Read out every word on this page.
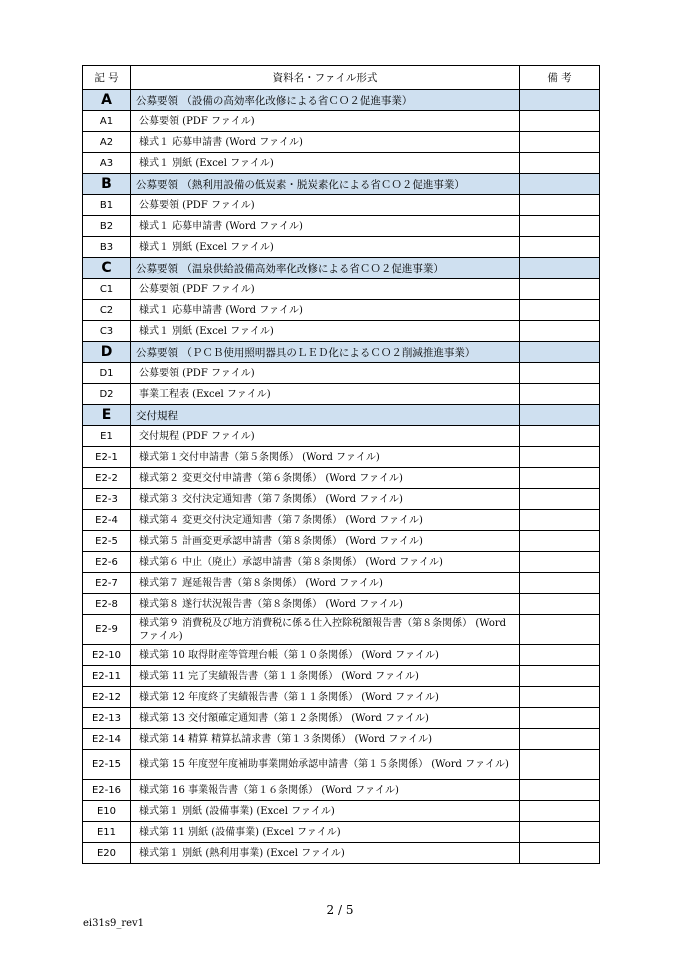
記 号	資料名・ファイル形式	備 考
A	公募要領 （設備の高効率化改修による省ＣＯ２促進事業）	
A1	公募要領 (PDF ファイル)	
A2	様式１ 応募申請書 (Word ファイル)	
A3	様式１ 別紙 (Excel ファイル)	
B	公募要領 （熱利用設備の低炭素・脱炭素化による省ＣＯ２促進事業）	
B1	公募要領 (PDF ファイル)	
B2	様式１ 応募申請書 (Word ファイル)	
B3	様式１ 別紙 (Excel ファイル)	
C	公募要領 （温泉供給設備高効率化改修による省ＣＯ２促進事業）	
C1	公募要領 (PDF ファイル)	
C2	様式１ 応募申請書 (Word ファイル)	
C3	様式１ 別紙 (Excel ファイル)	
D	公募要領 （ＰＣＢ使用照明器具のＬＥＤ化によるＣＯ２削減推進事業）	
D1	公募要領 (PDF ファイル)	
D2	事業工程表 (Excel ファイル)	
E	交付規程	
E1	交付規程 (PDF ファイル)	
E2-1	様式第１交付申請書（第５条関係） (Word ファイル)	
E2-2	様式第２ 変更交付申請書（第６条関係） (Word ファイル)	
E2-3	様式第３ 交付決定通知書（第７条関係） (Word ファイル)	
E2-4	様式第４ 変更交付決定通知書（第７条関係） (Word ファイル)	
E2-5	様式第５ 計画変更承認申請書（第８条関係） (Word ファイル)	
E2-6	様式第６ 中止（廃止）承認申請書（第８条関係） (Word ファイル)	
E2-7	様式第７ 遅延報告書（第８条関係） (Word ファイル)	
E2-8	様式第８ 遂行状況報告書（第８条関係） (Word ファイル)	
E2-9	様式第９ 消費税及び地方消費税に係る仕入控除税額報告書（第８条関係） (Word ファイル)	
E2-10	様式第 10 取得財産等管理台帳（第１０条関係） (Word ファイル)	
E2-11	様式第 11 完了実績報告書（第１１条関係） (Word ファイル)	
E2-12	様式第 12 年度終了実績報告書（第１１条関係） (Word ファイル)	
E2-13	様式第 13 交付額確定通知書（第１２条関係） (Word ファイル)	
E2-14	様式第 14 精算 精算払請求書（第１３条関係） (Word ファイル)	
E2-15	様式第 15 年度翌年度補助事業開始承認申請書（第１５条関係） (Word ファイル)	
E2-16	様式第 16 事業報告書（第１６条関係） (Word ファイル)	
E10	様式第１ 別紙 (設備事業) (Excel ファイル)	
E11	様式第 11 別紙 (設備事業) (Excel ファイル)	
E20	様式第１ 別紙 (熱利用事業) (Excel ファイル)	
2 / 5
ei31s9_rev1
